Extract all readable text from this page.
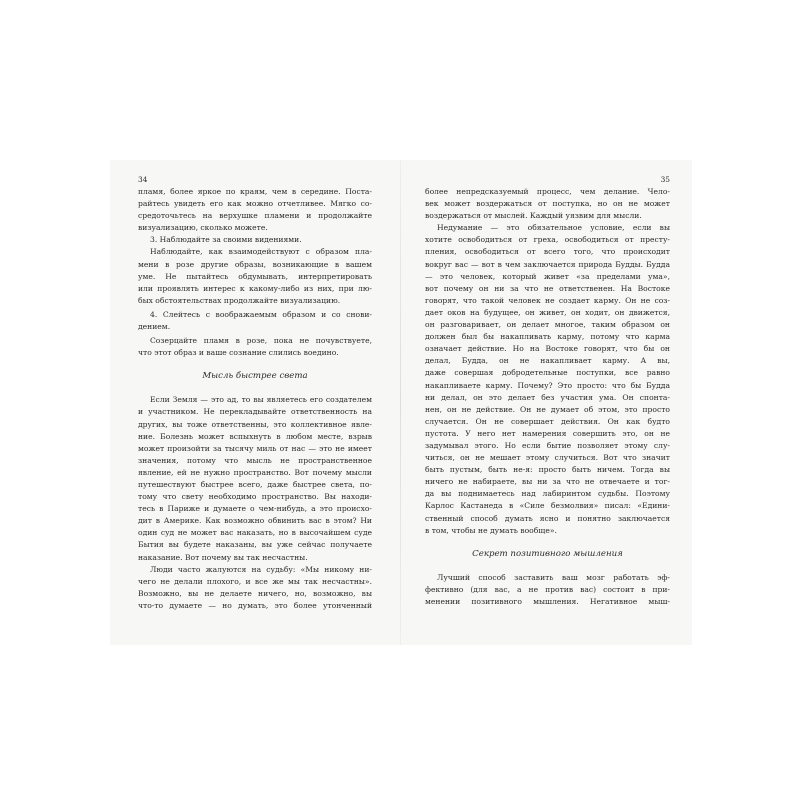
34
пламя, более яркое по краям, чем в середине. Поста-
райтесь увидеть его как можно отчетливее. Мягко со-
средоточьтесь на верхушке пламени и продолжайте
визуализацию, сколько можете.
3. Наблюдайте за своими видениями.
Наблюдайте, как взаимодействуют с образом пла-
мени в розе другие образы, возникающие в вашем
уме. Не пытайтесь обдумывать, интерпретировать
или проявлять интерес к какому-либо из них, при лю-
бых обстоятельствах продолжайте визуализацию.
4. Слейтесь с воображаемым образом и со снови-
дением.
Созерцайте пламя в розе, пока не почувствуете,
что этот образ и ваше сознание слились воедино.
Мысль быстрее света
Если Земля — это ад, то вы являетесь его создателем
и участником. Не перекладывайте ответственность на
других, вы тоже ответственны, это коллективное явле-
ние. Болезнь может вспыхнуть в любом месте, взрыв
может произойти за тысячу миль от нас — это не имеет
значения, потому что мысль не пространственное
явление, ей не нужно пространство. Вот почему мысли
путешествуют быстрее всего, даже быстрее света, по-
тому что свету необходимо пространство. Вы находи-
тесь в Париже и думаете о чем-нибудь, а это происхо-
дит в Америке. Как возможно обвинить вас в этом? Ни
один суд не может вас наказать, но в высочайшем суде
Бытия вы будете наказаны, вы уже сейчас получаете
наказание. Вот почему вы так несчастны.
Люди часто жалуются на судьбу: «Мы никому ни-
чего не делали плохого, и все же мы так несчастны».
Возможно, вы не делаете ничего, но, возможно, вы
что-то думаете — но думать, это более утонченный
35
более непредсказуемый процесс, чем делание. Чело-
век может воздержаться от поступка, но он не может
воздержаться от мыслей. Каждый уязвим для мысли.
Недумание — это обязательное условие, если вы
хотите освободиться от греха, освободиться от престу-
пления, освободиться от всего того, что происходит
вокруг вас — вот в чем заключается природа Будды. Будда
— это человек, который живет «за пределами ума»,
вот почему он ни за что не ответственен. На Востоке
говорят, что такой человек не создает карму. Он не соз-
дает оков на будущее, он живет, он ходит, он движется,
он разговаривает, он делает многое, таким образом он
должен был бы накапливать карму, потому что карма
означает действие. Но на Востоке говорят, что бы он
делал, Будда, он не накапливает карму. А вы,
даже совершая добродетельные поступки, все равно
накапливаете карму. Почему? Это просто: что бы Будда
ни делал, он это делает без участия ума. Он спонта-
нен, он не действие. Он не думает об этом, это просто
случается. Он не совершает действия. Он как будто
пустота. У него нет намерения совершить это, он не
задумывал этого. Но если бытие позволяет этому слу-
читься, он не мешает этому случиться. Вот что значит
быть пустым, быть не-я: просто быть ничем. Тогда вы
ничего не набираете, вы ни за что не отвечаете и тог-
да вы поднимаетесь над лабиринтом судьбы. Поэтому
Карлос Кастанеда в «Силе безмолвия» писал: «Едини-
ственный способ думать ясно и понятно заключается
в том, чтобы не думать вообще».
Секрет позитивного мышления
Лучший способ заставить ваш мозг работать эф-
фективно (для вас, а не против вас) состоит в при-
менении позитивного мышления. Негативное мыш-
